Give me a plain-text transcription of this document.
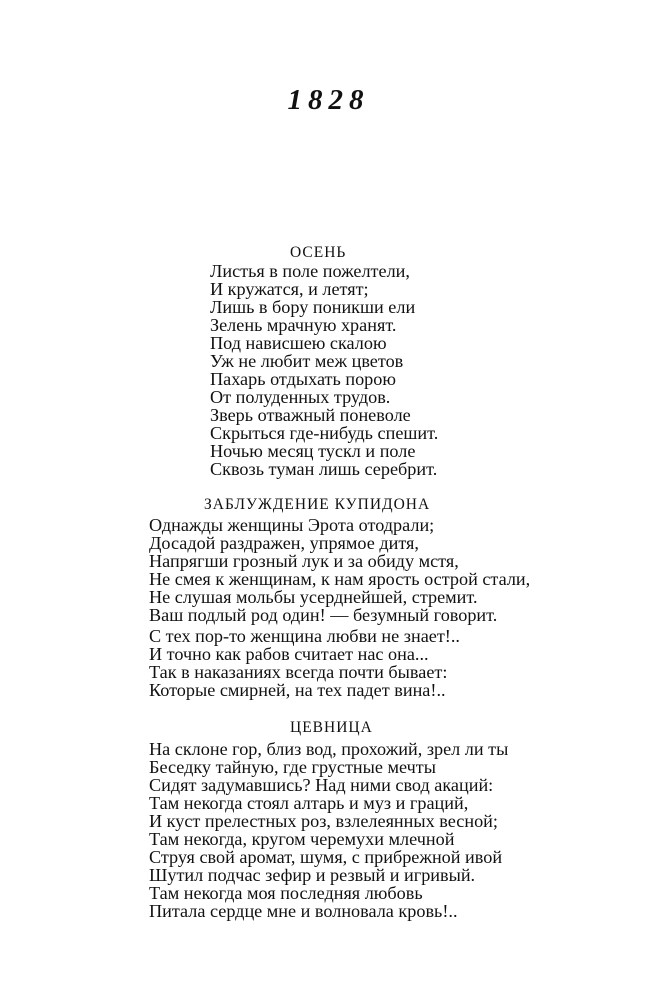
1828
ОСЕНЬ
Листья в поле пожелтели,
И кружатся, и летят;
Лишь в бору поникши ели
Зелень мрачную хранят.
Под нависшею скалою
Уж не любит меж цветов
Пахарь отдыхать порою
От полуденных трудов.
Зверь отважный поневоле
Скрыться где-нибудь спешит.
Ночью месяц тускл и поле
Сквозь туман лишь серебрит.
ЗАБЛУЖДЕНИЕ КУПИДОНА
Однажды женщины Эрота отодрали;
Досадой раздражен, упрямое дитя,
Напрягши грозный лук и за обиду мстя,
Не смея к женщинам, к нам ярость острой стали,
Не слушая мольбы усерднейшей, стремит.
Ваш подлый род один! — безумный говорит.
С тех пор-то женщина любви не знает!..
И точно как рабов считает нас она...
Так в наказаниях всегда почти бывает:
Которые смирней, на тех падет вина!..
ЦЕВНИЦА
На склоне гор, близ вод, прохожий, зрел ли ты
Беседку тайную, где грустные мечты
Сидят задумавшись? Над ними свод акаций:
Там некогда стоял алтарь и муз и граций,
И куст прелестных роз, взлелеянных весной;
Там некогда, кругом черемухи млечной
Струя свой аромат, шумя, с прибрежной ивой
Шутил подчас зефир и резвый и игривый.
Там некогда моя последняя любовь
Питала сердце мне и волновала кровь!..
